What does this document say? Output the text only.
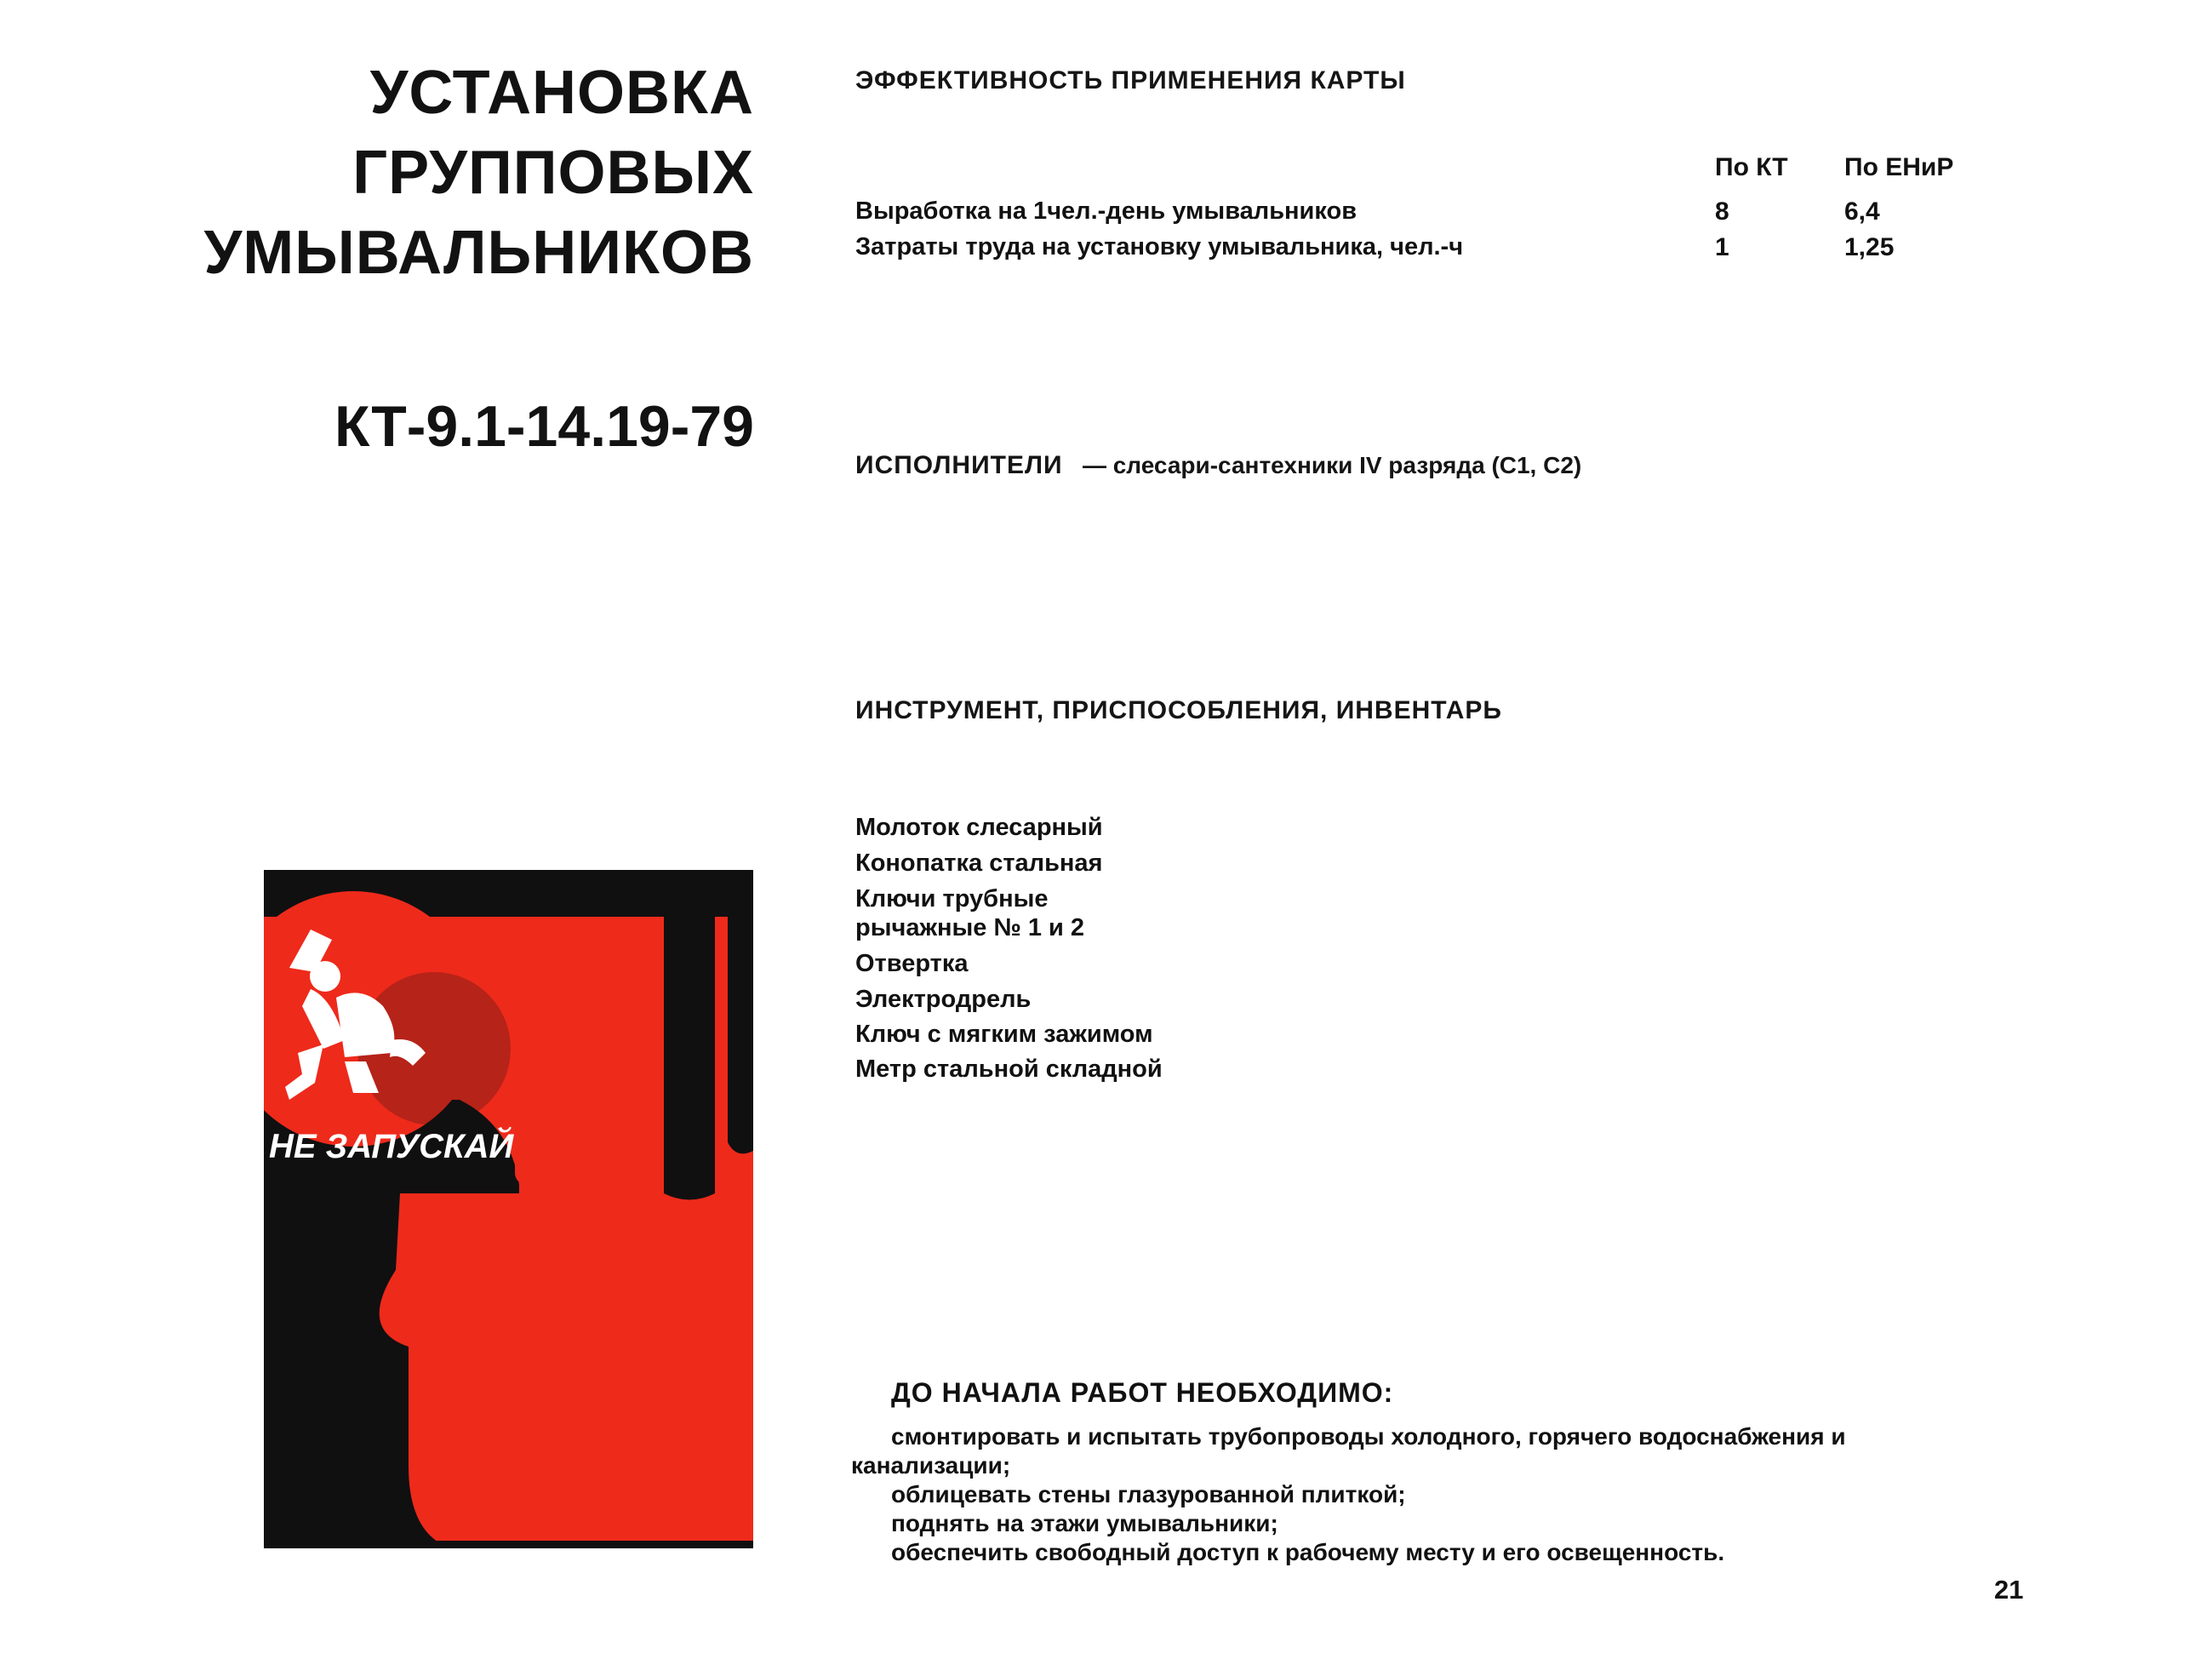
УСТАНОВКА
ГРУППОВЫХ
УМЫВАЛЬНИКОВ
КТ-9.1-14.19-79
ЭФФЕКТИВНОСТЬ ПРИМЕНЕНИЯ КАРТЫ
По КТ По ЕНиР
Выработка на 1чел.-день умывальников	8	6,4
Затраты труда на установку умывальника, чел.-ч	1	1,25
ИСПОЛНИТЕЛИ — слесари-сантехники IV разряда (С1, С2)
ИНСТРУМЕНТ, ПРИСПОСОБЛЕНИЯ, ИНВЕНТАРЬ
Молоток слесарный
Конопатка стальная
Ключи трубные
рычажные № 1 и 2
Отвертка
Электродрель
Ключ с мягким зажимом
Метр стальной складной
НЕ ЗАПУСКАЙ
ДО НАЧАЛА РАБОТ НЕОБХОДИМО:
смонтировать и испытать трубопроводы холодного, горячего водоснабжения и
канализации;
облицевать стены глазурованной плиткой;
поднять на этажи умывальники;
обеспечить свободный доступ к рабочему месту и его освещенность.
21
